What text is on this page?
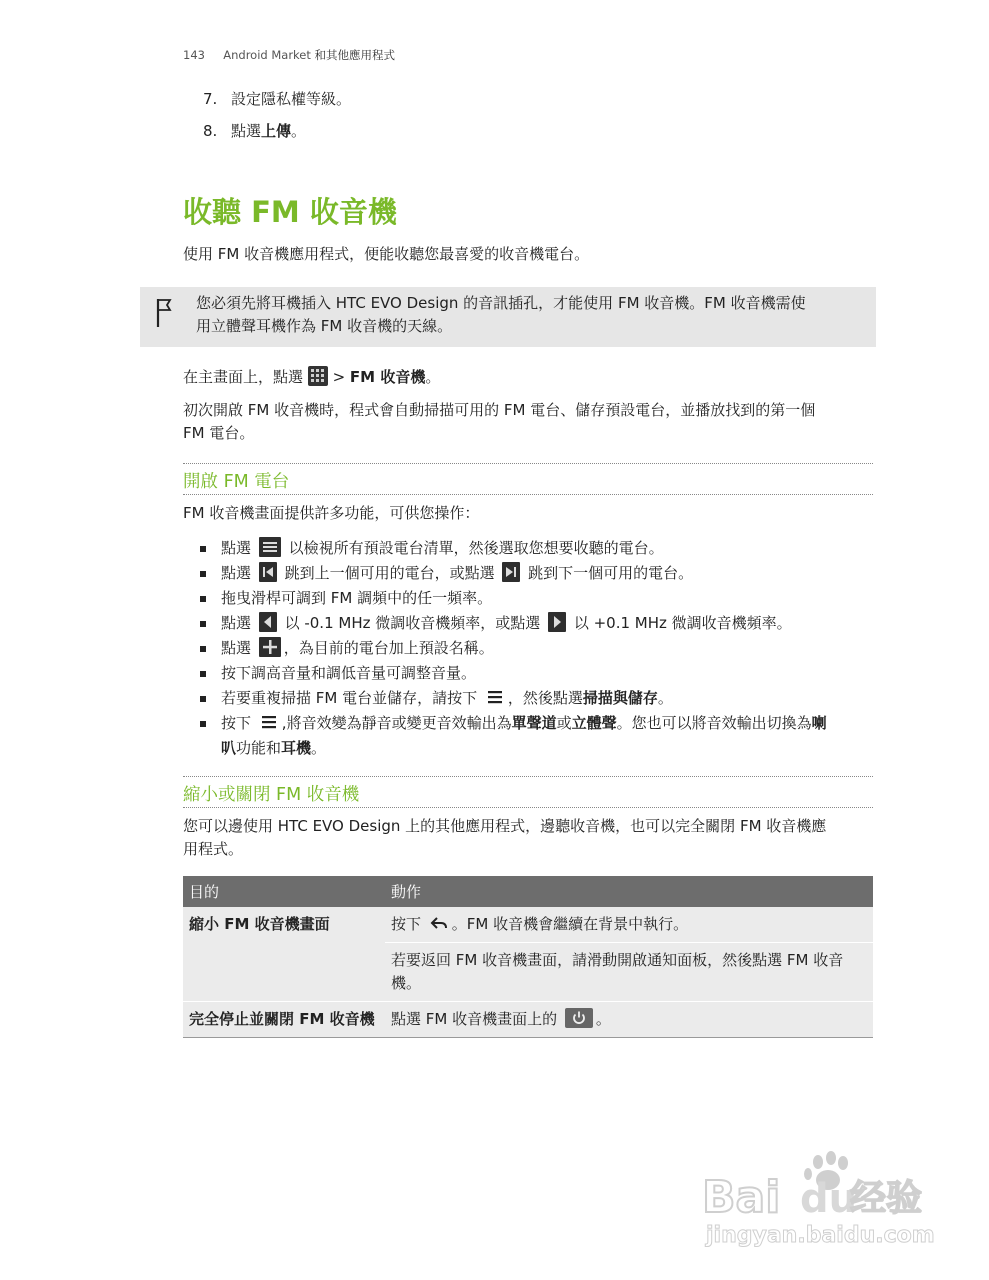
143 Android Market 和其他應用程式
7. 設定隱私權等級。
8. 點選上傳。
收聽 FM 收音機
使用 FM 收音機應用程式，便能收聽您最喜愛的收音機電台。
您必須先將耳機插入 HTC EVO Design 的音訊插孔，才能使用 FM 收音機。FM 收音機需使
用立體聲耳機作為 FM 收音機的天線。
在主畫面上，點選
> FM 收音機。
初次開啟 FM 收音機時，程式會自動掃描可用的 FM 電台、儲存預設電台，並播放找到的第一個
FM 電台。
開啟 FM 電台
FM 收音機畫面提供許多功能，可供您操作：
點選	以檢視所有預設電台清單，然後選取您想要收聽的電台。
點選 跳到上一個可用的電台，或點選 跳到下一個可用的電台。
拖曳滑桿可調到 FM 調頻中的任一頻率。
點選 以 -0.1 MHz 微調收音機頻率，或點選 以 +0.1 MHz 微調收音機頻率。
點選 ，為目前的電台加上預設名稱。
按下調高音量和調低音量可調整音量。
若要重複掃描 FM 電台並儲存，請按下 ，然後點選掃描與儲存。
按下 ,將音效變為靜音或變更音效輸出為單聲道或立體聲。您也可以將音效輸出切換為喇
叭功能和耳機。
縮小或關閉 FM 收音機
您可以邊使用 HTC EVO Design 上的其他應用程式，邊聽收音機，也可以完全關閉 FM 收音機應
用程式。
目的	動作
縮小 FM 收音機畫面	按下 。FM 收音機會繼續在背景中執行。
若要返回 FM 收音機畫面，請滑動開啟通知面板，然後點選 FM 收音機。

完全停止並關閉 FM 收音機	點選 FM 收音機畫面上的 。
Bai du
经验
jingyan.baidu.com
